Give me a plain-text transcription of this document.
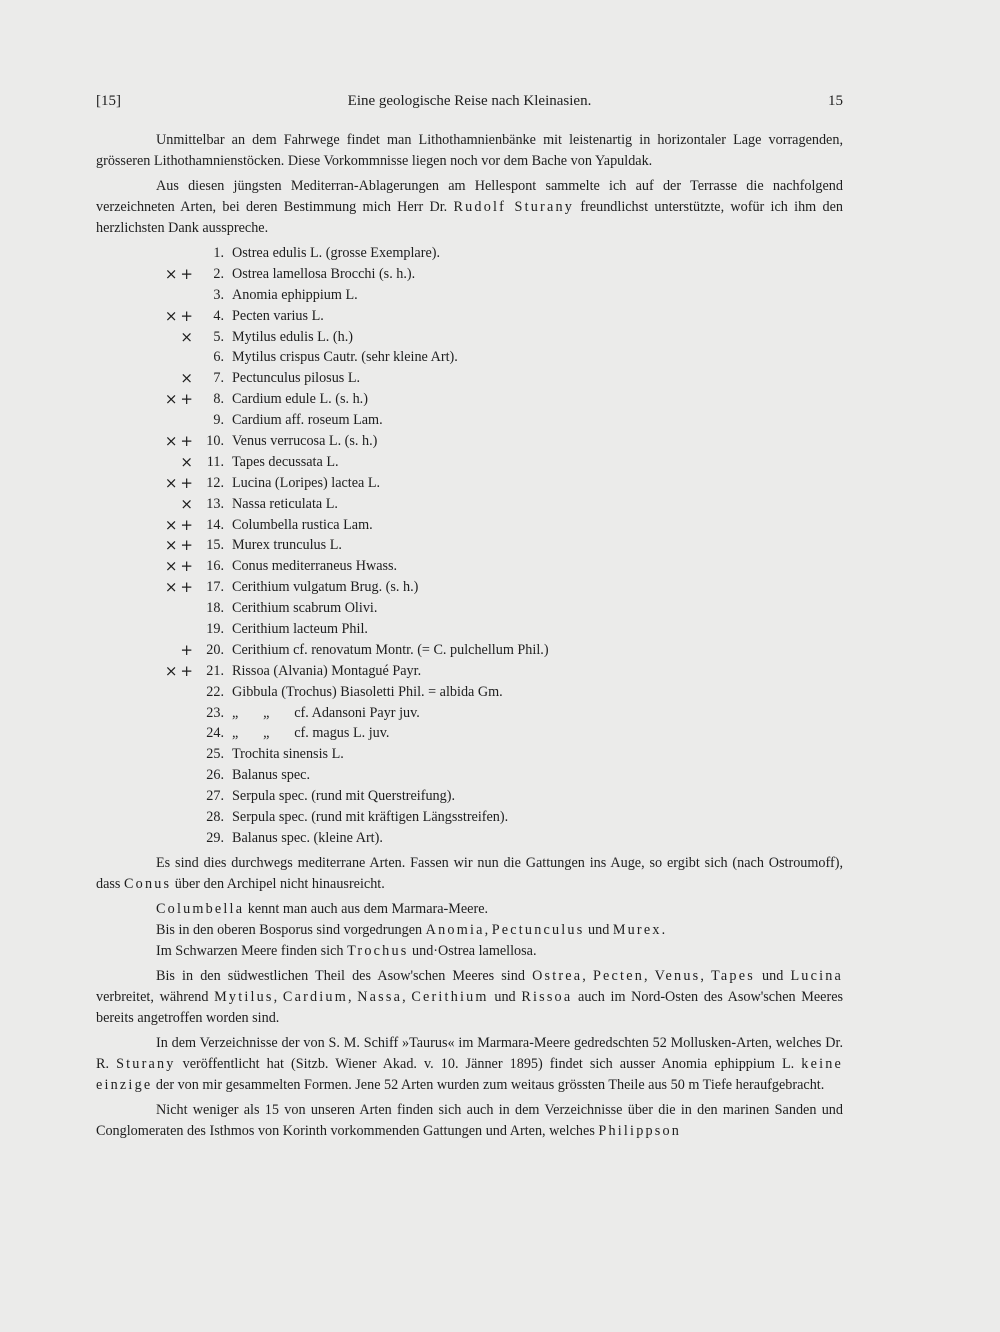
[15]	Eine geologische Reise nach Kleinasien.	15

Unmittelbar an dem Fahrwege findet man Lithothamnienbänke mit leistenartig in horizontaler Lage vorragenden, grösseren Lithothamnienstöcken. Diese Vorkommnisse liegen noch vor dem Bache von Yapuldak.

Aus diesen jüngsten Mediterran-Ablagerungen am Hellespont sammelte ich auf der Terrasse die nachfolgend verzeichneten Arten, bei deren Bestimmung mich Herr Dr. Rudolf Sturany freundlichst unterstützte, wofür ich ihm den herzlichsten Dank ausspreche.

1. Ostrea edulis L. (grosse Exemplare).
×+	2. Ostrea lamellosa Brocchi (s. h.).
3. Anomia ephippium L.
×+	4. Pecten varius L.
×	5. Mytilus edulis L. (h.)
6. Mytilus crispus Cautr. (sehr kleine Art).
×	7. Pectunculus pilosus L.
×+	8. Cardium edule L. (s. h.)
9. Cardium aff. roseum Lam.
×+ 10. Venus verrucosa L. (s. h.)
× 11. Tapes decussata L.
×+ 12. Lucina (Loripes) lactea L.
× 13. Nassa reticulata L.
×+ 14. Columbella rustica Lam.
×+ 15. Murex trunculus L.
×+ 16. Conus mediterraneus Hwass.
×+ 17. Cerithium vulgatum Brug. (s. h.)
18. Cerithium scabrum Olivi.
19. Cerithium lacteum Phil.
+ 20. Cerithium cf. renovatum Montr. (= C. pulchellum Phil.)
×+ 21. Rissoa (Alvania) Montagué Payr.
22. Gibbula (Trochus) Biasoletti Phil. = albida Gm.
23. „       „       cf. Adansoni Payr juv.
24. „       „       cf. magus L. juv.
25. Trochita sinensis L.
26. Balanus spec.
27. Serpula spec. (rund mit Querstreifung).
28. Serpula spec. (rund mit kräftigen Längsstreifen).
29. Balanus spec. (kleine Art).

Es sind dies durchwegs mediterrane Arten. Fassen wir nun die Gattungen ins Auge, so ergibt sich (nach Ostroumoff), dass Conus über den Archipel nicht hinausreicht.

Columbella kennt man auch aus dem Marmara-Meere.

Bis in den oberen Bosporus sind vorgedrungen Anomia, Pectunculus und Murex.

Im Schwarzen Meere finden sich Trochus und·Ostrea lamellosa.

Bis in den südwestlichen Theil des Asow'schen Meeres sind Ostrea, Pecten, Venus, Tapes und Lucina verbreitet, während Mytilus, Cardium, Nassa, Cerithium und Rissoa auch im Nord-Osten des Asow'schen Meeres bereits angetroffen worden sind.

In dem Verzeichnisse der von S. M. Schiff »Taurus« im Marmara-Meere gedredschten 52 Mollusken-Arten, welches Dr. R. Sturany veröffentlicht hat (Sitzb. Wiener Akad. v. 10. Jänner 1895) findet sich ausser Anomia ephippium L. keine einzige der von mir gesammelten Formen. Jene 52 Arten wurden zum weitaus grössten Theile aus 50 m Tiefe heraufgebracht.

Nicht weniger als 15 von unseren Arten finden sich auch in dem Verzeichnisse über die in den marinen Sanden und Conglomeraten des Isthmos von Korinth vorkommenden Gattungen und Arten, welches Philippson
